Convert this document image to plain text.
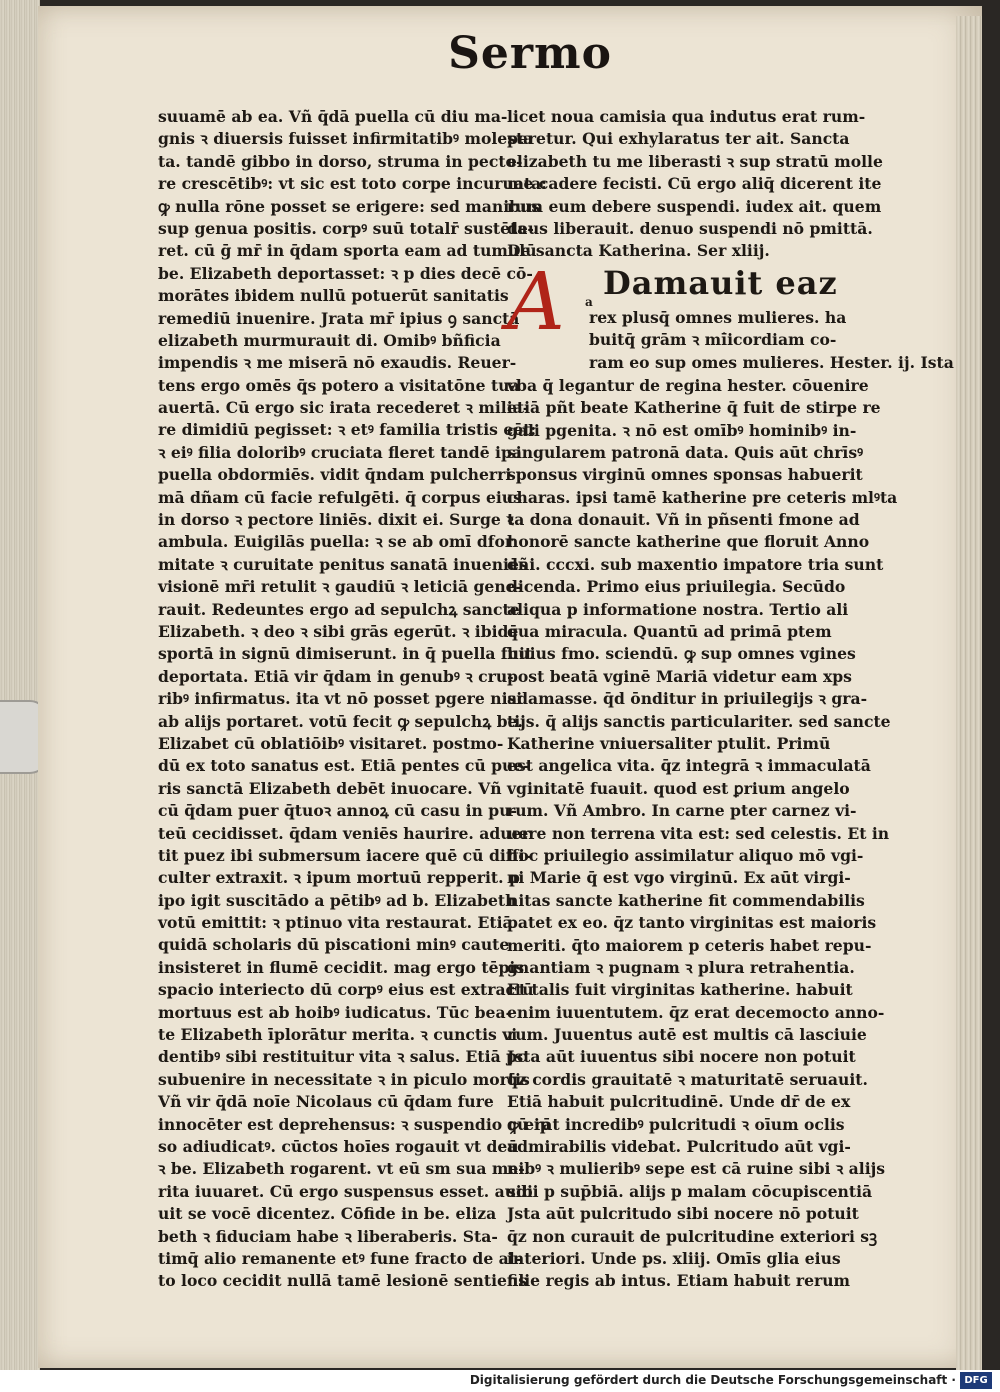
Sermo
suuamē ab ea. Vñ q̄dā puella cū diu ma-
gnis ꝛ diuersis fuisset infirmitatibꝰ molesta
ta. tandē gibbo in dorso, struma in pecto-
re crescētibꝰ: vt sic est toto corpe incuruata:
ꝙ nulla rōne posset se erigere: sed manibus
sup genua positis. corpꝰ suū totalr̄ sustēta-
ret. cū ḡ mr̄ in q̄dam sporta eam ad tumulū
be. Elizabeth deportasset: ꝛ p dies decē cō-
morātes ibidem nullū potuerūt sanitatis
remediū inuenire. Jrata mr̄ ipius ꝯ sanctā
elizabeth murmurauit di. Omibꝰ bñficia
impendis ꝛ me miserā nō exaudis. Reuer-
tens ergo omēs q̄s potero a visitatōne tua
auertā. Cū ergo sic irata recederet ꝛ milia-
re dimidiū pegisset: ꝛ etꝰ familia tristis eēt:
ꝛ eiꝰ filia doloribꝰ cruciata fleret tandē ipa
puella obdormiēs. vidit q̄ndam pulcherri
mā dñam cū facie refulgēti. q̄ corpus eius
in dorso ꝛ pectore liniēs. dixit ei. Surge ꝛ
ambula. Euigilās puella: ꝛ se ab omī dfor
mitate ꝛ curuitate penitus sanatā inueniēs
visionē mr̄i retulit ꝛ gaudiū ꝛ leticiā gene-
rauit. Redeuntes ergo ad sepulchꝝ sancte
Elizabeth. ꝛ deo ꝛ sibi grās egerūt. ꝛ ibidē
sportā in signū dimiserunt. in q̄ puella fuit
deportata. Etiā vir q̄dam in genubꝰ ꝛ cru-
ribꝰ infirmatus. ita vt nō posset pgere nisi
ab alijs portaret. votū fecit ꝙ sepulchꝝ be.
Elizabet cū oblatiōibꝰ visitaret. postmo-
dū ex toto sanatus est. Etiā pentes cū pue-
ris sanctā Elizabeth debēt inuocare. Vñ
cū q̄dam puer q̄tuoꝛ annoꝝ cū casu in pu-
teū cecidisset. q̄dam veniēs haurire. aduer
tit puez ibi submersum iacere quē cū diffi-
culter extraxit. ꝛ ipum mortuū repperit. p
ipo igit suscitādo a pētibꝰ ad b. Elizabeth
votū emittit: ꝛ ptinuo vita restaurat. Etiā
quidā scholaris dū piscationi minꝰ caute
insisteret in flumē cecidit. mag ergo tēpis
spacio interiecto dū corpꝰ eius est extractū
mortuus est ab hoibꝰ iudicatus. Tūc bea-
te Elizabeth īplorātur merita. ꝛ cunctis vi
dentibꝰ sibi restituitur vita ꝛ salus. Etiā pc
subuenire in necessitate ꝛ in piculo mortis
Vñ vir q̄dā noīe Nicolaus cū q̄dam fure
innocēter est deprehensus: ꝛ suspendio cū ip
so adiudicatꝰ. cūctos hoīes rogauit vt deū
ꝛ be. Elizabeth rogarent. vt eū sm sua me-
rita iuuaret. Cū ergo suspensus esset. audi
uit se vocē dicentez. Cōfide in be. eliza
beth ꝛ fiduciam habe ꝛ liberaberis. Sta-
timq̄ alio remanente etꝰ fune fracto de al-
to loco cecidit nullā tamē lesionē sentiens
licet noua camisia qua indutus erat rum-
peretur. Qui exhylaratus ter ait. Sancta
elizabeth tu me liberasti ꝛ sup stratū molle
me cadere fecisti. Cū ergo aliq̄ dicerent ite
rum eum debere suspendi. iudex ait. quem
deus liberauit. denuo suspendi nō pmittā.
De sancta Katherina. Ser xliij.
A	a Damauit eaz
rex plusq̄ omnes mulieres. ha
buitq̄ grām ꝛ mi̇̄icordiam co-
ram eo sup omes mulieres. Hester. ij. Ista
vba q̄ legantur de regina hester. cōuenire
etiā pñt beate Katherine q̄ fuit de stirpe re
gali pgenita. ꝛ nō est omībꝰ hominibꝰ in-
singularem patronā data. Quis aūt chrīsꝰ
sponsus virginū omnes sponsas habuerit
charas. ipsi tamē katherine pre ceteris mlꝰta
ta dona donauit. Vñ in pñsenti fmone ad
honorē sancte katherine que floruit Anno
dñi. cccxi. sub maxentio impatore tria sunt
dicenda. Primo eius priuilegia. Secūdo
aliqua p informatione nostra. Tertio ali
qua miracula. Quantū ad primā ptem
huius fmo. sciendū. ꝙ sup omnes vgines
post beatā vginē Mariā videtur eam xps
adamasse. q̄d ōnditur in priuilegijs ꝛ gra-
tijs. q̄ alijs sanctis particulariter. sed sancte
Katherine vniuersaliter ptulit. Primū
est angelica vita. q̄z integrā ꝛ immaculatā
vginitatē fuauit. quod est ꝑrium angelo
rum. Vñ Ambro. In carne pter carnez vi-
uere non terrena vita est: sed celestis. Et in
hoc priuilegio assimilatur aliquo mō vgi-
ni Marie q̄ est vgo virginū. Ex aūt virgi-
nitas sancte katherine fit commendabilis
patet ex eo. q̄z tanto virginitas est maioris
meriti. q̄to maiorem p ceteris habet repu-
gnantiam ꝛ pugnam ꝛ plura retrahentia.
Et talis fuit virginitas katherine. habuit
enim iuuentutem. q̄z erat decemocto anno-
rum. Juuentus autē est multis cā lasciuie
Jsta aūt iuuentus sibi nocere non potuit
q̄z cordis grauitatē ꝛ maturitatē seruauit.
Etiā habuit pulcritudinē. Unde dr̄ de ex
ꝙ erāt incredibꝰ pulcritudi ꝛ oīum oclis
admirabilis videbat. Pulcritudo aūt vgi-
nibꝰ ꝛ mulieribꝰ sepe est cā ruine sibi ꝛ alijs
sibi p sup̄biā. alijs p malam cōcupiscentiā
Jsta aūt pulcritudo sibi nocere nō potuit
q̄z non curauit de pulcritudine exteriori sꝫ
interiori. Unde ps. xliij. Omīs glia eius
filie regis ab intus. Etiam habuit rerum
Digitalisierung gefördert durch die Deutsche Forschungsgemeinschaft · DFG
